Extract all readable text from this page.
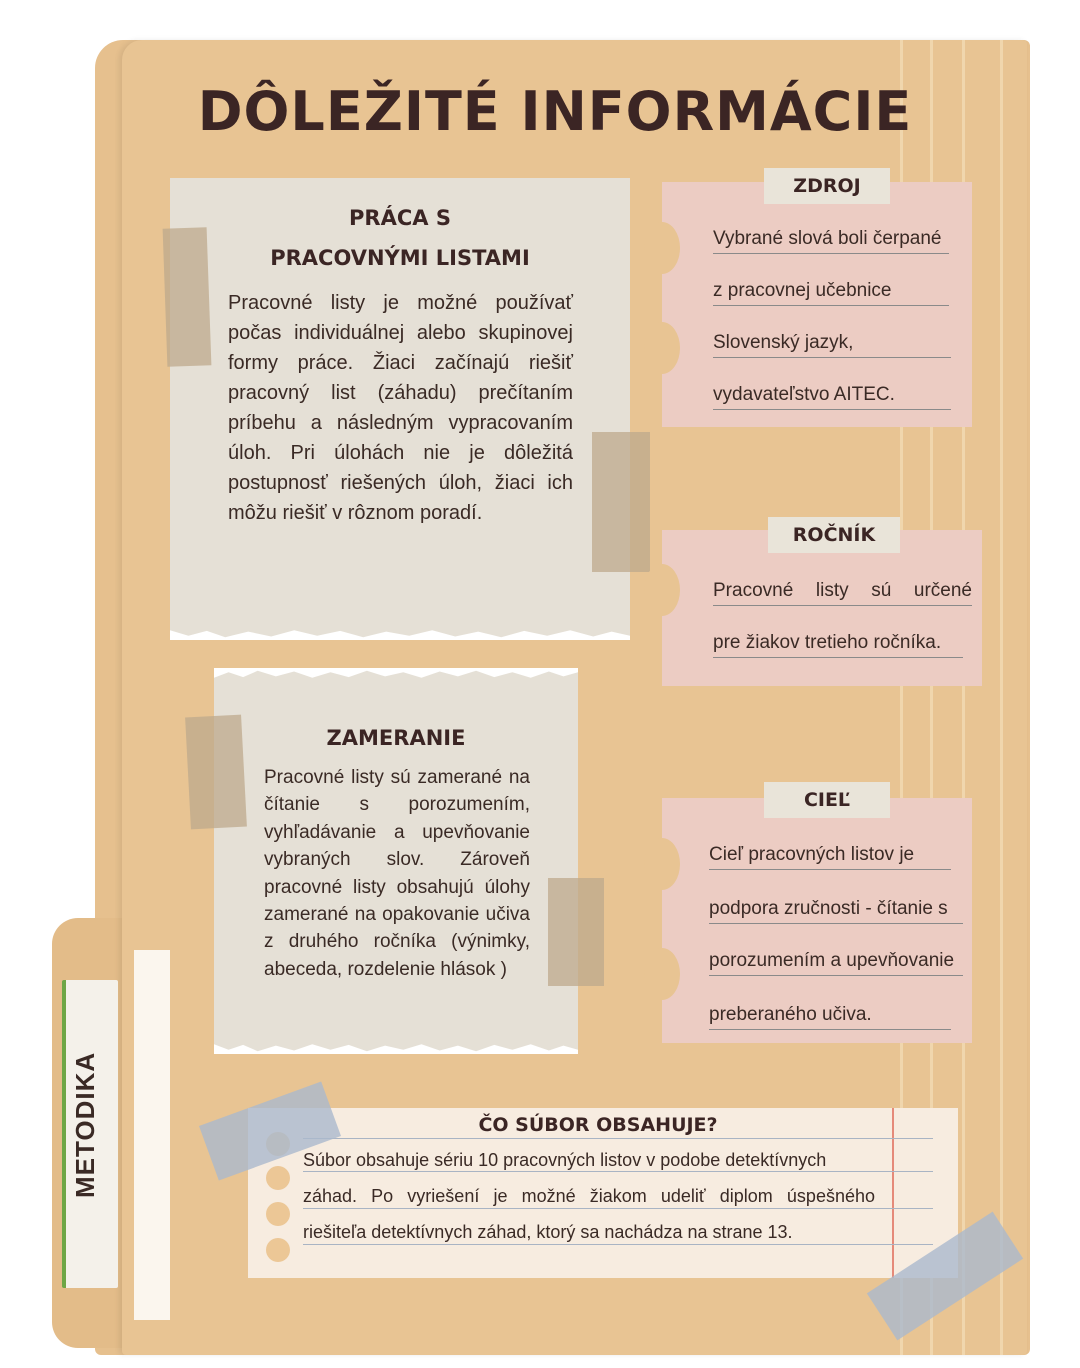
METODIKA
DÔLEŽITÉ INFORMÁCIE
PRÁCA S
PRACOVNÝMI LISTAMI
Pracovné listy je možné používať počas individuálnej alebo skupinovej formy práce. Žiaci začínajú riešiť pracovný list (záhadu) prečítaním príbehu a následným vypracovaním úloh. Pri úlohách nie je dôležitá postupnosť riešených úloh, žiaci ich môžu riešiť v rôznom poradí.
ZAMERANIE
Pracovné listy sú zamerané na čítanie s porozumením, vyhľadávanie a upevňovanie vybraných slov. Zároveň pracovné listy obsahujú úlohy zamerané na opakovanie učiva z druhého ročníka (výnimky, abeceda, rozdelenie hlások )
Vybrané slová boli čerpané
z pracovnej učebnice
Slovenský jazyk,
vydavateľstvo AITEC.
ZDROJ
Pracovné listy sú určené
pre žiakov tretieho ročníka.
ROČNÍK
Cieľ pracovných listov je
podpora zručnosti - čítanie s
porozumením a upevňovanie
preberaného učiva.
CIEĽ
ČO SÚBOR OBSAHUJE?
Súbor obsahuje sériu 10 pracovných listov v podobe detektívnych
záhad. Po vyriešení je možné žiakom udeliť diplom úspešného
riešiteľa detektívnych záhad, ktorý sa nachádza na strane 13.
